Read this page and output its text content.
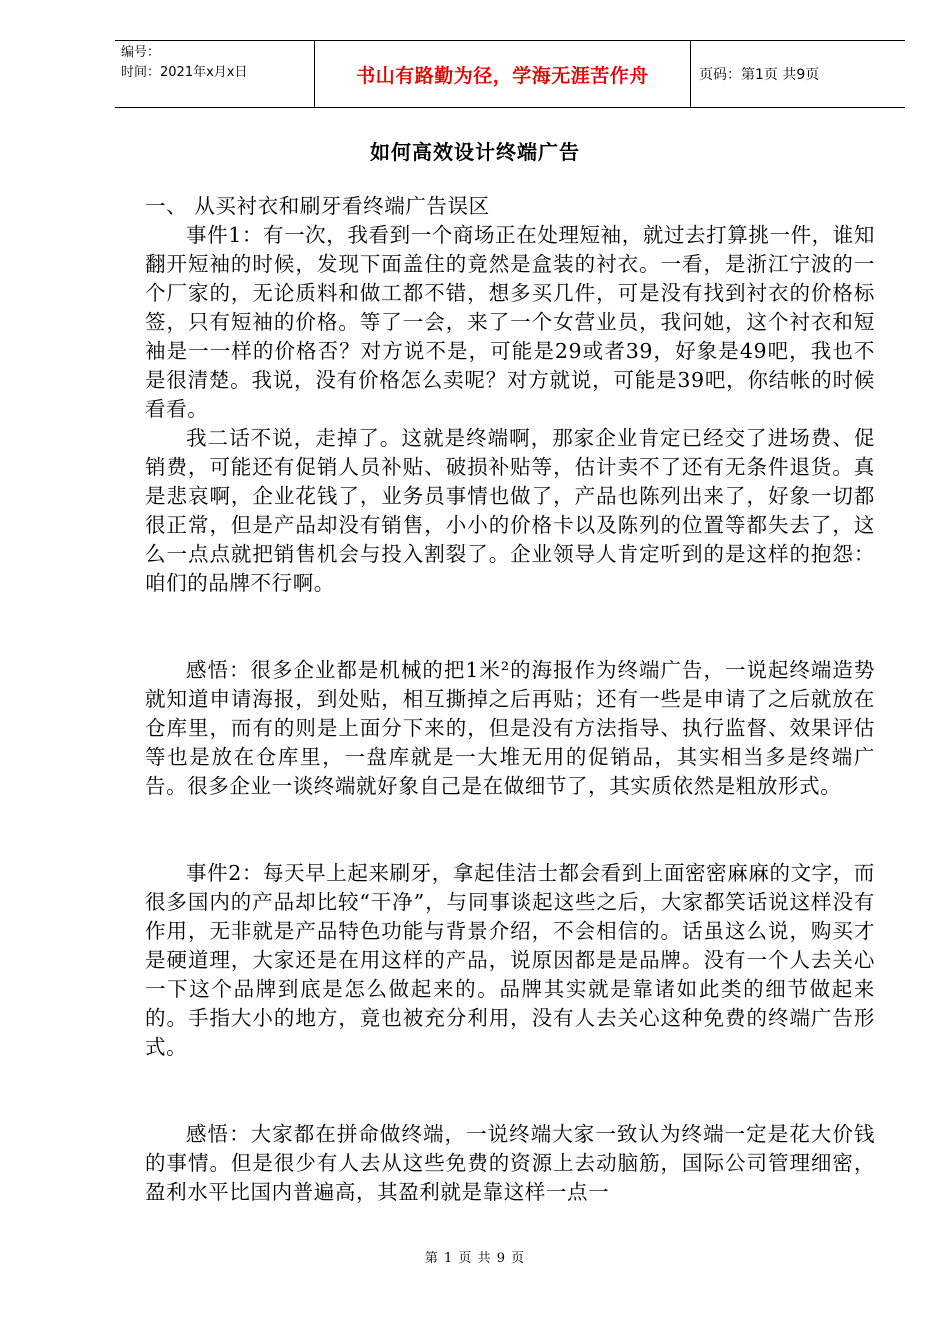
编号：
时间：2021年x月x日	书山有路勤为径，学海无涯苦作舟	页码：第1页 共9页
如何高效设计终端广告

一、 从买衬衣和刷牙看终端广告误区

事件1：有一次，我看到一个商场正在处理短袖，就过去打算挑一件，谁知翻开短袖的时候，发现下面盖住的竟然是盒装的衬衣。一看，是浙江宁波的一个厂家的，无论质料和做工都不错，想多买几件，可是没有找到衬衣的价格标签，只有短袖的价格。等了一会，来了一个女营业员，我问她，这个衬衣和短袖是一一样的价格否？对方说不是，可能是29或者39，好象是49吧，我也不是很清楚。我说，没有价格怎么卖呢？对方就说，可能是39吧，你结帐的时候看看。

我二话不说，走掉了。这就是终端啊，那家企业肯定已经交了进场费、促销费，可能还有促销人员补贴、破损补贴等，估计卖不了还有无条件退货。真是悲哀啊，企业花钱了，业务员事情也做了，产品也陈列出来了，好象一切都很正常，但是产品却没有销售，小小的价格卡以及陈列的位置等都失去了，这么一点点就把销售机会与投入割裂了。企业领导人肯定听到的是这样的抱怨：咱们的品牌不行啊。

感悟：很多企业都是机械的把1米²的海报作为终端广告，一说起终端造势就知道申请海报，到处贴，相互撕掉之后再贴；还有一些是申请了之后就放在仓库里，而有的则是上面分下来的，但是没有方法指导、执行监督、效果评估等也是放在仓库里，一盘库就是一大堆无用的促销品，其实相当多是终端广告。很多企业一谈终端就好象自己是在做细节了，其实质依然是粗放形式。

事件2：每天早上起来刷牙，拿起佳洁士都会看到上面密密麻麻的文字，而很多国内的产品却比较“干净”，与同事谈起这些之后，大家都笑话说这样没有作用，无非就是产品特色功能与背景介绍，不会相信的。话虽这么说，购买才是硬道理，大家还是在用这样的产品，说原因都是是品牌。没有一个人去关心一下这个品牌到底是怎么做起来的。品牌其实就是靠诸如此类的细节做起来的。手指大小的地方，竟也被充分利用，没有人去关心这种免费的终端广告形式。

感悟：大家都在拼命做终端，一说终端大家一致认为终端一定是花大价钱的事情。但是很少有人去从这些免费的资源上去动脑筋，国际公司管理细密，盈利水平比国内普遍高，其盈利就是靠这样一点一

第 1 页 共 9 页
